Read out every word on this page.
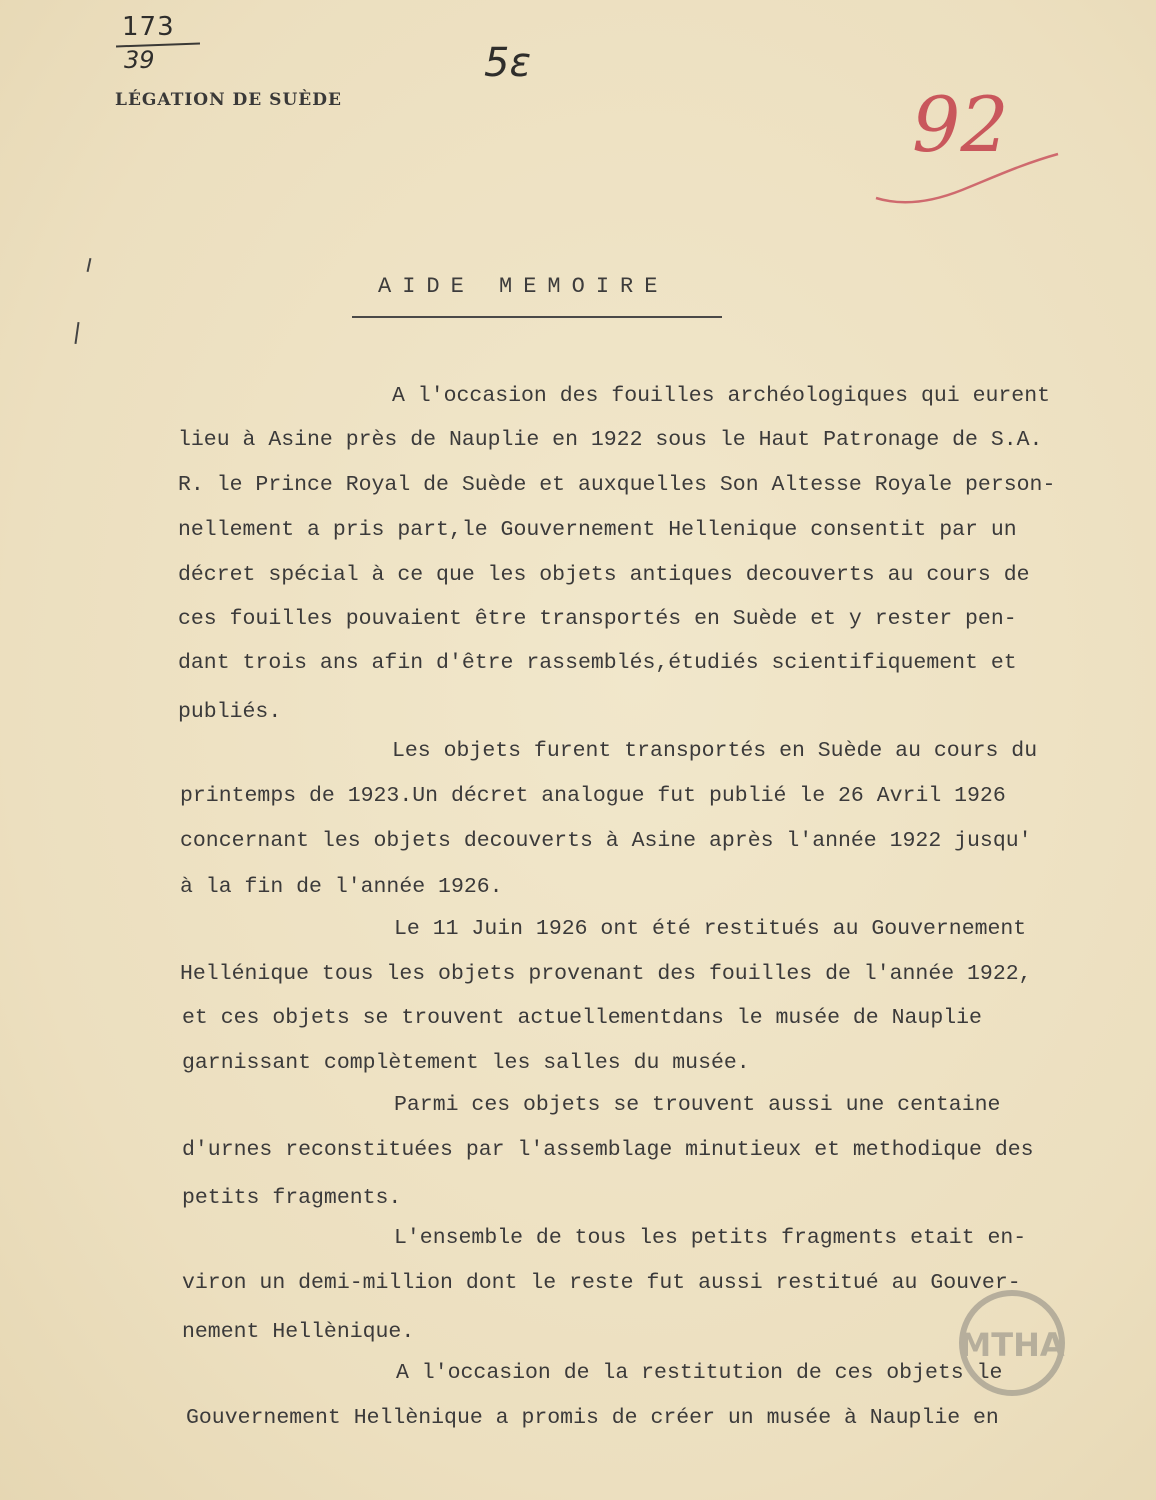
173
39	5ε
92
LÉGATION DE SUÈDE
AIDE MEMOIRE
A l'occasion des fouilles archéologiques qui eurent
lieu à Asine près de Nauplie en 1922 sous le Haut Patronage de S.A.
R. le Prince Royal de Suède et auxquelles Son Altesse Royale person-
nellement a pris part,le Gouvernement Hellenique consentit par un
décret spécial à ce que les objets antiques decouverts au cours de
ces fouilles pouvaient être transportés en Suède et y rester pen-
dant trois ans afin d'être rassemblés,étudiés scientifiquement et
publiés.
Les objets furent transportés en Suède au cours du
printemps de 1923.Un décret analogue fut publié le 26 Avril 1926
concernant les objets decouverts à Asine après l'année 1922 jusqu'
à la fin de l'année 1926.
Le 11 Juin 1926 ont été restitués au Gouvernement
Hellénique tous les objets provenant des fouilles de l'année 1922,
et ces objets se trouvent actuellementdans le musée de Nauplie
garnissant complètement les salles du musée.
Parmi ces objets se trouvent aussi une centaine
d'urnes reconstituées par l'assemblage minutieux et methodique des
petits fragments.
L'ensemble de tous les petits fragments etait en-
viron un demi-million dont le reste fut aussi restitué au Gouver-
nement Hellènique.
A l'occasion de la restitution de ces objets le
Gouvernement Hellènique a promis de créer un musée à Nauplie en
MTHA
